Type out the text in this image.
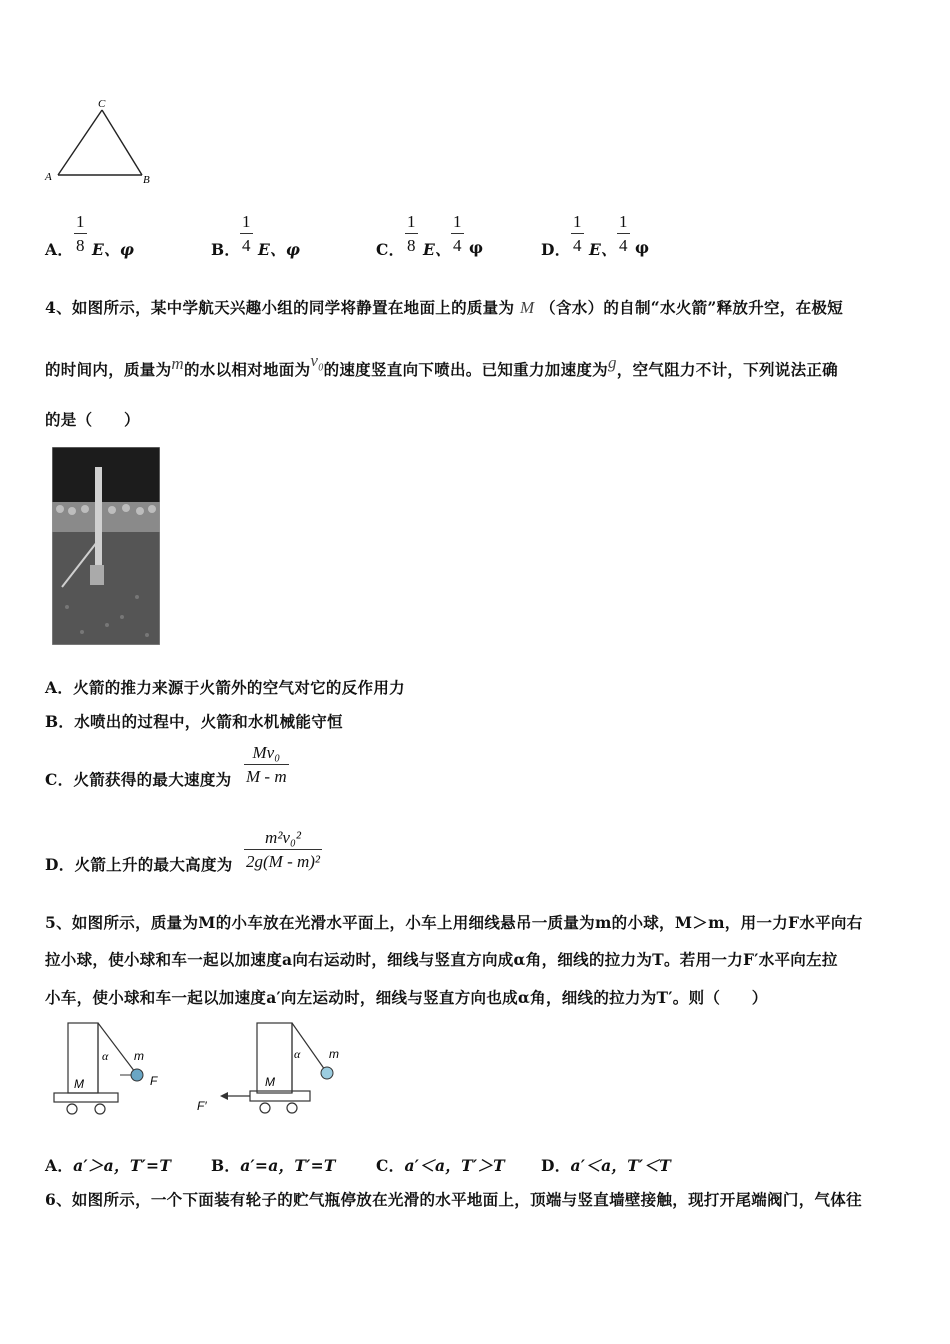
C
A	B
A． $\frac{1}{8}$ E、φ	B． $\frac{1}{4}$ E、φ	C． $\frac{1}{8}$ E、 $\frac{1}{4}$ φ	D． $\frac{1}{4}$ E、 $\frac{1}{4}$ φ
4、如图所示，某中学航天兴趣小组的同学将静置在地面上的质量为 M （含水）的自制“水火箭”释放升空，在极短
的时间内，质量为m的水以相对地面为$v_0$的速度竖直向下喷出。已知重力加速度为g，空气阻力不计，下列说法正确
的是（　　）
A．火箭的推力来源于火箭外的空气对它的反作用力
B．水喷出的过程中，火箭和水机械能守恒
C．火箭获得的最大速度为 $\frac{\text{Mv₀}}{M - m}$
D．火箭上升的最大高度为 $\frac{\text{m²v₀²}}{\text{2g(M - m)²}}$
5、如图所示，质量为M的小车放在光滑水平面上，小车上用细线悬吊一质量为m的小球，M＞m，用一力F水平向右
拉小球，使小球和车一起以加速度a向右运动时，细线与竖直方向成α角，细线的拉力为T。若用一力F′水平向左拉
小车，使小球和车一起以加速度a′向左运动时，细线与竖直方向也成α角，细线的拉力为T′。则（　　）
α m
M	F
α m
M
F′
A．a′＞a，T′=T	B．a′=a，T′=T	C．a′＜a，T′＞T D．a′＜a，T′＜T
6、如图所示，一个下面装有轮子的贮气瓶停放在光滑的水平地面上，顶端与竖直墙壁接触，现打开尾端阀门，气体往
